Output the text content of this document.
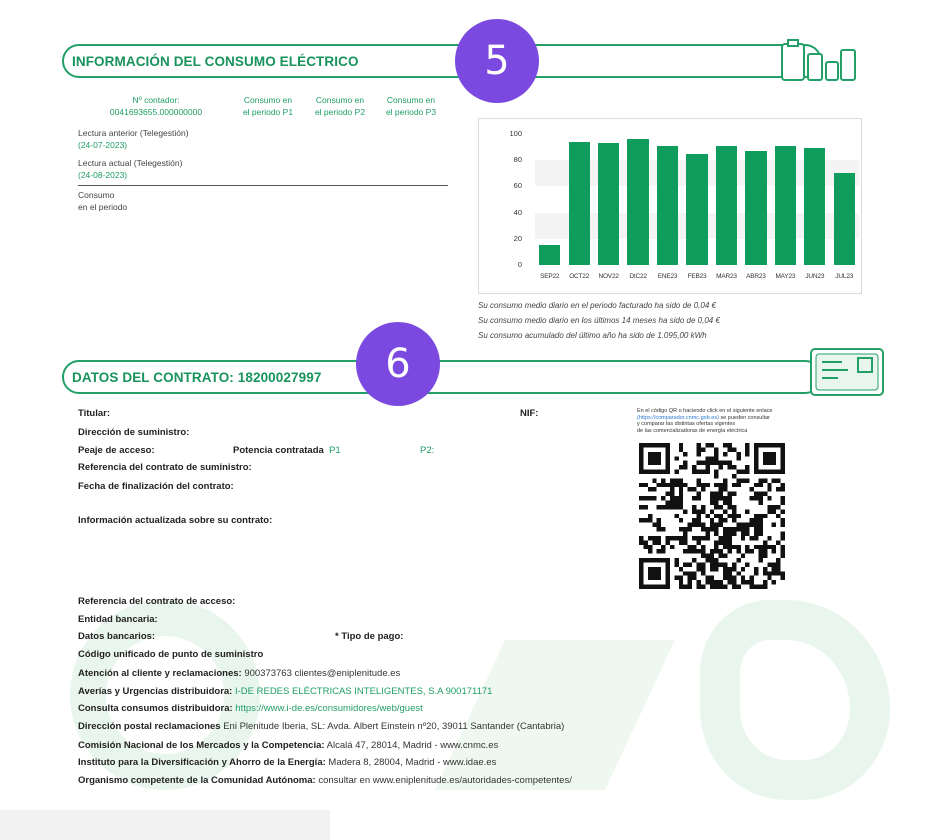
INFORMACIÓN DEL CONSUMO ELÉCTRICO	5
Nº contador:
0041693655.000000000
Consumo en
el periodo P1
Consumo en
el periodo P2
Consumo en
el periodo P3
Lectura anterior (Telegestión)
(24-07-2023)
Lectura actual (Telegestión)
(24-08-2023)
Consumo
en el periodo
0
20
40
60
80
100
SEP22	OCT22	NOV22	DIC22	ENE23	FEB23	MAR23	ABR23	MAY23	JUN23	JUL23
Su consumo medio diario en el periodo facturado ha sido de 0,04 €
Su consumo medio diario en los últimos 14 meses ha sido de 0,04 €
Su consumo acumulado del último año ha sido de 1.095,00 kWh
DATOS DEL CONTRATO: 18200027997	6
Titular:	NIF:
Dirección de suministro:
Peaje de acceso:	Potencia contratada P1	P2:
Referencia del contrato de suministro:
Fecha de finalización del contrato:
Información actualizada sobre su contrato:
En el código QR o haciendo click en el siguiente enlace
(https://comparador.cnmc.gob.es) se pueden consultar
y comparar las distintas ofertas vigentes
de las comercializadoras de energía eléctrica
Referencia del contrato de acceso:
Entidad bancaria:
Datos bancarios:	* Tipo de pago:
Código unificado de punto de suministro
Atención al cliente y reclamaciones: 900373763 clientes@eniplenitude.es
Averías y Urgencias distribuidora: I-DE REDES ELÉCTRICAS INTELIGENTES, S.A 900171171
Consulta consumos distribuidora: https://www.i-de.es/consumidores/web/guest
Dirección postal reclamaciones Eni Plenitude Iberia, SL: Avda. Albert Einstein nº20, 39011 Santander (Cantabria)
Comisión Nacional de los Mercados y la Competencia: Alcalá 47, 28014, Madrid - www.cnmc.es
Instituto para la Diversificación y Ahorro de la Energía: Madera 8, 28004, Madrid - www.idae.es
Organismo competente de la Comunidad Autónoma: consultar en www.eniplenitude.es/autoridades-competentes/
